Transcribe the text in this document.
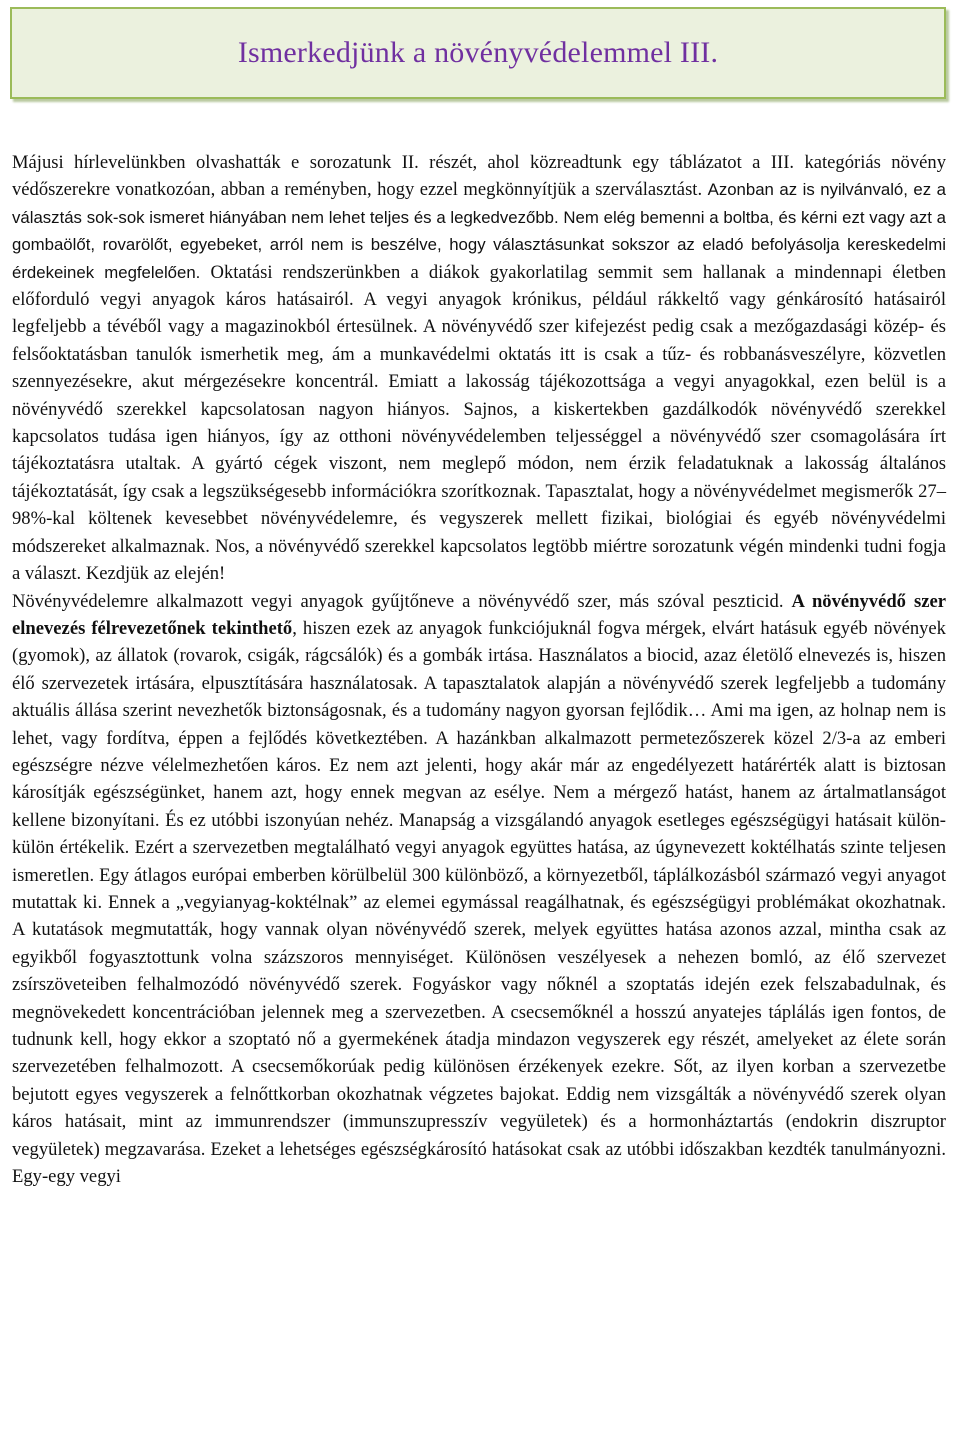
Ismerkedjünk a növényvédelemmel III.

Májusi hírlevelünkben olvashatták e sorozatunk II. részét, ahol közreadtunk egy táblázatot a III. kategóriás növény védőszerekre vonatkozóan, abban a reményben, hogy ezzel megkönnyítjük a szerválasztást. Azonban az is nyilvánvaló, ez a választás sok-sok ismeret hiányában nem lehet teljes és a legkedvezőbb. Nem elég bemenni a boltba, és kérni ezt vagy azt a gombaölőt, rovarölőt, egyebeket, arról nem is beszélve, hogy választásunkat sokszor az eladó befolyásolja kereskedelmi érdekeinek megfelelően. Oktatási rendszerünkben a diákok gyakorlatilag semmit sem hallanak a mindennapi életben előforduló vegyi anyagok káros hatásairól. A vegyi anyagok krónikus, például rákkeltő vagy génkárosító hatásairól legfeljebb a tévéből vagy a magazinokból értesülnek. A növényvédő szer kifejezést pedig csak a mezőgazdasági közép- és felsőoktatásban tanulók ismerhetik meg, ám a munkavédelmi oktatás itt is csak a tűz- és robbanásveszélyre, közvetlen szennyezésekre, akut mérgezésekre koncentrál. Emiatt a lakosság tájékozottsága a vegyi anyagokkal, ezen belül is a növényvédő szerekkel kapcsolatosan nagyon hiányos. Sajnos, a kiskertekben gazdálkodók növényvédő szerekkel kapcsolatos tudása igen hiányos, így az otthoni növényvédelemben teljességgel a növényvédő szer csomagolására írt tájékoztatásra utaltak. A gyártó cégek viszont, nem meglepő módon, nem érzik feladatuknak a lakosság általános tájékoztatását, így csak a legszükségesebb információkra szorítkoznak. Tapasztalat, hogy a növényvédelmet megismerők 27–98%-kal költenek kevesebbet növényvédelemre, és vegyszerek mellett fizikai, biológiai és egyéb növényvédelmi módszereket alkalmaznak. Nos, a növényvédő szerekkel kapcsolatos legtöbb miértre sorozatunk végén mindenki tudni fogja a választ. Kezdjük az elején!

Növényvédelemre alkalmazott vegyi anyagok gyűjtőneve a növényvédő szer, más szóval peszticid. A növényvédő szer elnevezés félrevezetőnek tekinthető, hiszen ezek az anyagok funkciójuknál fogva mérgek, elvárt hatásuk egyéb növények (gyomok), az állatok (rovarok, csigák, rágcsálók) és a gombák irtása. Használatos a biocid, azaz életölő elnevezés is, hiszen élő szervezetek irtására, elpusztítására használatosak. A tapasztalatok alapján a növényvédő szerek legfeljebb a tudomány aktuális állása szerint nevezhetők biztonságosnak, és a tudomány nagyon gyorsan fejlődik… Ami ma igen, az holnap nem is lehet, vagy fordítva, éppen a fejlődés következtében. A hazánkban alkalmazott permetezőszerek közel 2/3-a az emberi egészségre nézve vélelmezhetően káros. Ez nem azt jelenti, hogy akár már az engedélyezett határérték alatt is biztosan károsítják egészségünket, hanem azt, hogy ennek megvan az esélye. Nem a mérgező hatást, hanem az ártalmatlanságot kellene bizonyítani. És ez utóbbi iszonyúan nehéz. Manapság a vizsgálandó anyagok esetleges egészségügyi hatásait külön-külön értékelik. Ezért a szervezetben megtalálható vegyi anyagok együttes hatása, az úgynevezett koktélhatás szinte teljesen ismeretlen. Egy átlagos európai emberben körülbelül 300 különböző, a környezetből, táplálkozásból származó vegyi anyagot mutattak ki. Ennek a „vegyianyag-koktélnak” az elemei egymással reagálhatnak, és egészségügyi problémákat okozhatnak. A kutatások megmutatták, hogy vannak olyan növényvédő szerek, melyek együttes hatása azonos azzal, mintha csak az egyikből fogyasztottunk volna százszoros mennyiséget. Különösen veszélyesek a nehezen bomló, az élő szervezet zsírszöveteiben felhalmozódó növényvédő szerek. Fogyáskor vagy nőknél a szoptatás idején ezek felszabadulnak, és megnövekedett koncentrációban jelennek meg a szervezetben. A csecsemőknél a hosszú anyatejes táplálás igen fontos, de tudnunk kell, hogy ekkor a szoptató nő a gyermekének átadja mindazon vegyszerek egy részét, amelyeket az élete során szervezetében felhalmozott. A csecsemőkorúak pedig különösen érzékenyek ezekre. Sőt, az ilyen korban a szervezetbe bejutott egyes vegyszerek a felnőttkorban okozhatnak végzetes bajokat. Eddig nem vizsgálták a növényvédő szerek olyan káros hatásait, mint az immunrendszer (immunszupresszív vegyületek) és a hormonháztartás (endokrin diszruptor vegyületek) megzavarása. Ezeket a lehetséges egészségkárosító hatásokat csak az utóbbi időszakban kezdték tanulmányozni. Egy-egy vegyi
